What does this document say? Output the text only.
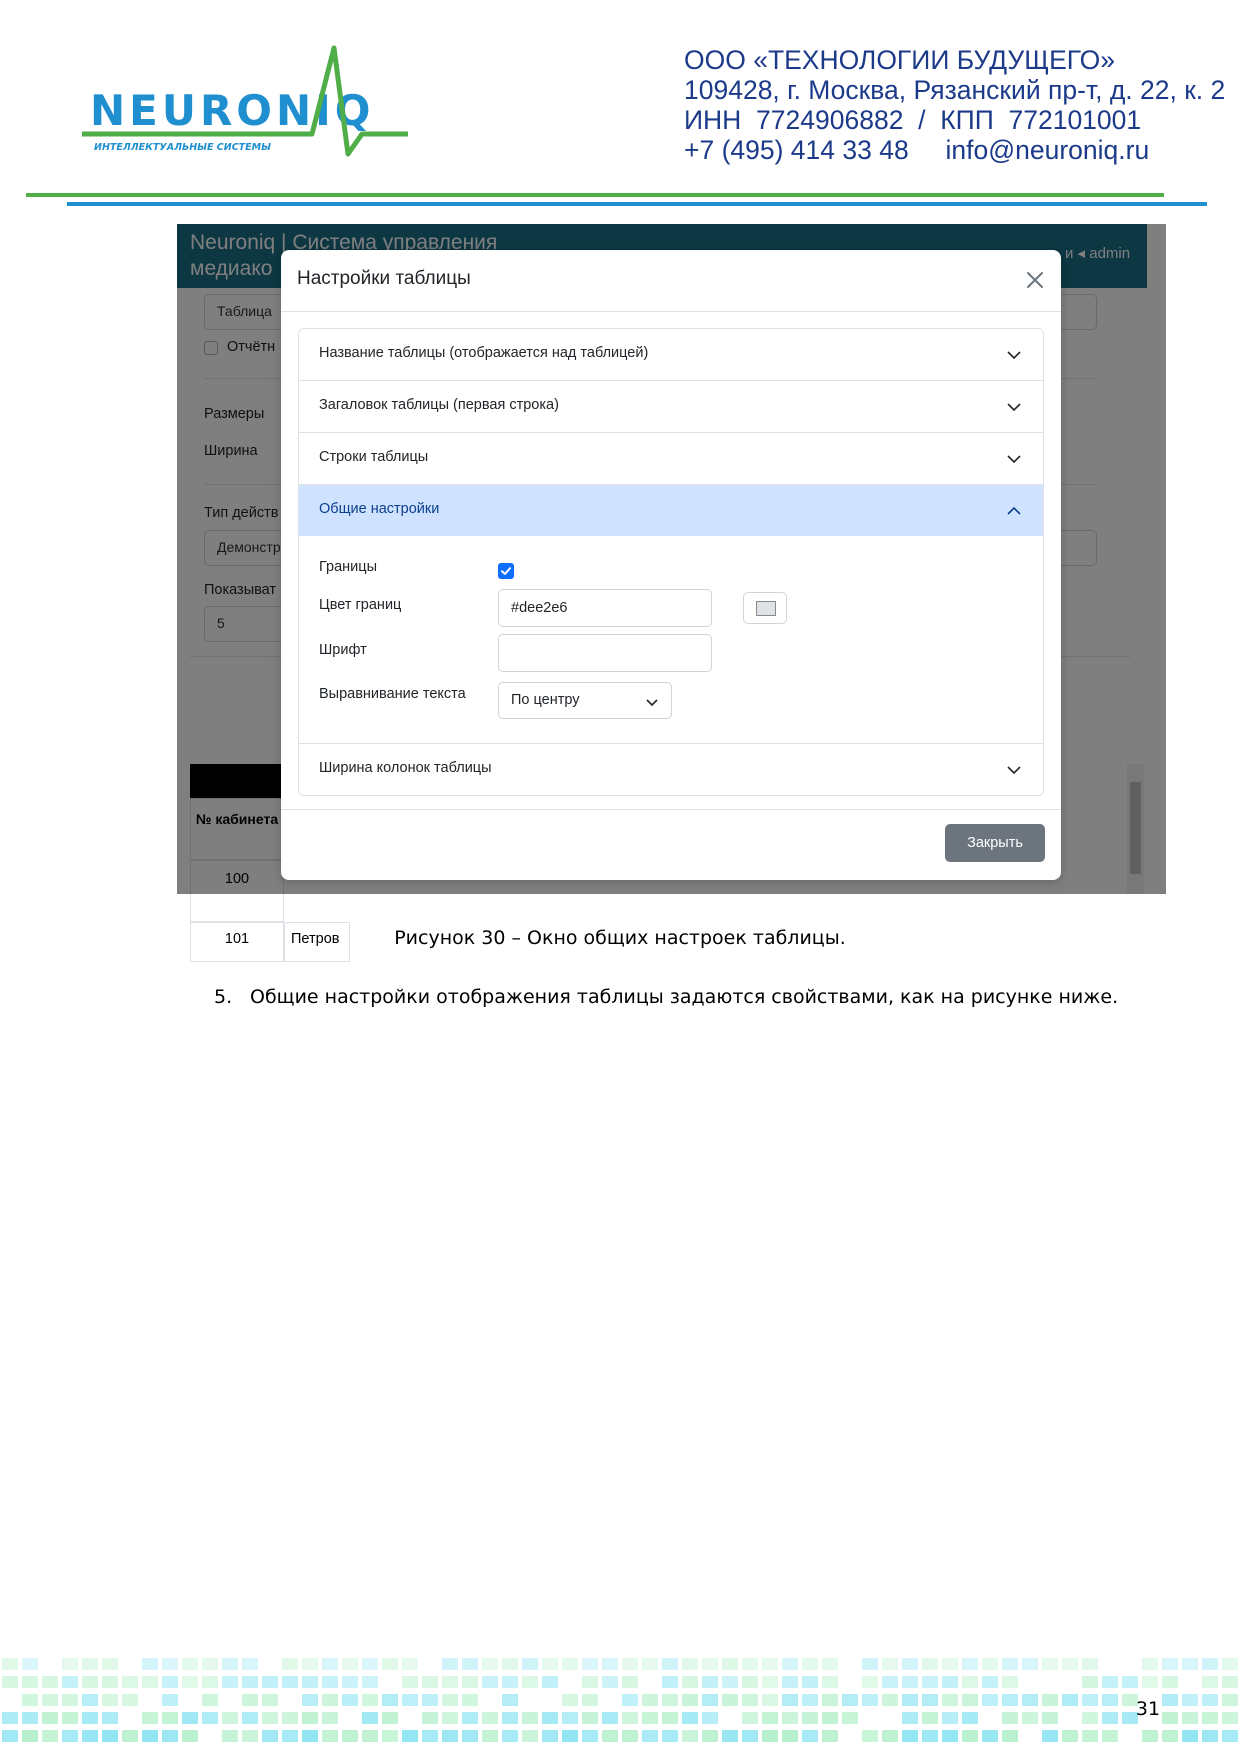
NEURONIQ
ИНТЕЛЛЕКТУАЛЬНЫЕ СИСТЕМЫ
ООО «ТЕХНОЛОГИИ БУДУЩЕГО»
109428, г. Москва, Рязанский пр-т, д. 22, к. 2
ИНН  7724906882  /  КПП  772101001
+7 (495) 414 33 48     info@neuroniq.ru
101	Петров
Настройки таблицы
Название таблицы (отображается над таблицей)
Загаловок таблицы (первая строка)
Строки таблицы
Общие настройки
Границы
Цвет границ
#dee2e6
Шрифт
Выравнивание текста	По центру
Ширина колонок таблицы
Закрыть
Рисунок 30 – Окно общих настроек таблицы.
5. Общие настройки отображения таблицы задаются свойствами, как на рисунке ниже.
31
